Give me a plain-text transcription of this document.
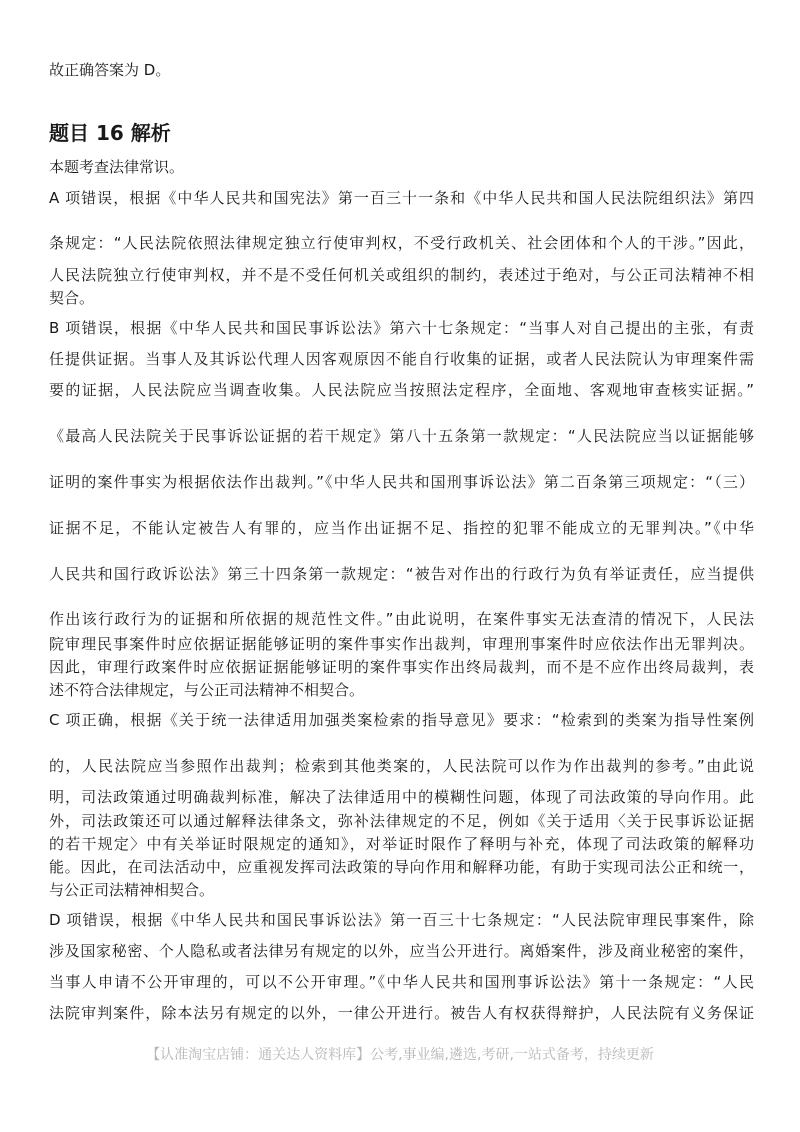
故正确答案为 D。
题目 16 解析
本题考查法律常识。
A 项错误，根据《中华人民共和国宪法》第一百三十一条和《中华人民共和国人民法院组织法》第四
条规定：“人民法院依照法律规定独立行使审判权，不受行政机关、社会团体和个人的干涉。”因此，
人民法院独立行使审判权，并不是不受任何机关或组织的制约，表述过于绝对，与公正司法精神不相
契合。
B 项错误，根据《中华人民共和国民事诉讼法》第六十七条规定：“当事人对自己提出的主张，有责
任提供证据。当事人及其诉讼代理人因客观原因不能自行收集的证据，或者人民法院认为审理案件需
要的证据，人民法院应当调查收集。人民法院应当按照法定程序，全面地、客观地审查核实证据。”
《最高人民法院关于民事诉讼证据的若干规定》第八十五条第一款规定：“人民法院应当以证据能够
证明的案件事实为根据依法作出裁判。”《中华人民共和国刑事诉讼法》第二百条第三项规定：“（三）
证据不足，不能认定被告人有罪的，应当作出证据不足、指控的犯罪不能成立的无罪判决。”《中华
人民共和国行政诉讼法》第三十四条第一款规定：“被告对作出的行政行为负有举证责任，应当提供
作出该行政行为的证据和所依据的规范性文件。”由此说明，在案件事实无法查清的情况下，人民法
院审理民事案件时应依据证据能够证明的案件事实作出裁判，审理刑事案件时应依法作出无罪判决。
因此，审理行政案件时应依据证据能够证明的案件事实作出终局裁判，而不是不应作出终局裁判，表
述不符合法律规定，与公正司法精神不相契合。
C 项正确，根据《关于统一法律适用加强类案检索的指导意见》要求：“检索到的类案为指导性案例
的，人民法院应当参照作出裁判；检索到其他类案的，人民法院可以作为作出裁判的参考。”由此说
明，司法政策通过明确裁判标准，解决了法律适用中的模糊性问题，体现了司法政策的导向作用。此
外，司法政策还可以通过解释法律条文，弥补法律规定的不足，例如《关于适用〈关于民事诉讼证据
的若干规定〉中有关举证时限规定的通知》，对举证时限作了释明与补充，体现了司法政策的解释功
能。因此，在司法活动中，应重视发挥司法政策的导向作用和解释功能，有助于实现司法公正和统一，
与公正司法精神相契合。
D 项错误，根据《中华人民共和国民事诉讼法》第一百三十七条规定：“人民法院审理民事案件，除
涉及国家秘密、个人隐私或者法律另有规定的以外，应当公开进行。离婚案件，涉及商业秘密的案件，
当事人申请不公开审理的，可以不公开审理。”《中华人民共和国刑事诉讼法》第十一条规定：“人民
法院审判案件，除本法另有规定的以外，一律公开进行。被告人有权获得辩护，人民法院有义务保证
【认准淘宝店铺：通关达人资料库】公考,事业编,遴选,考研,一站式备考，持续更新
